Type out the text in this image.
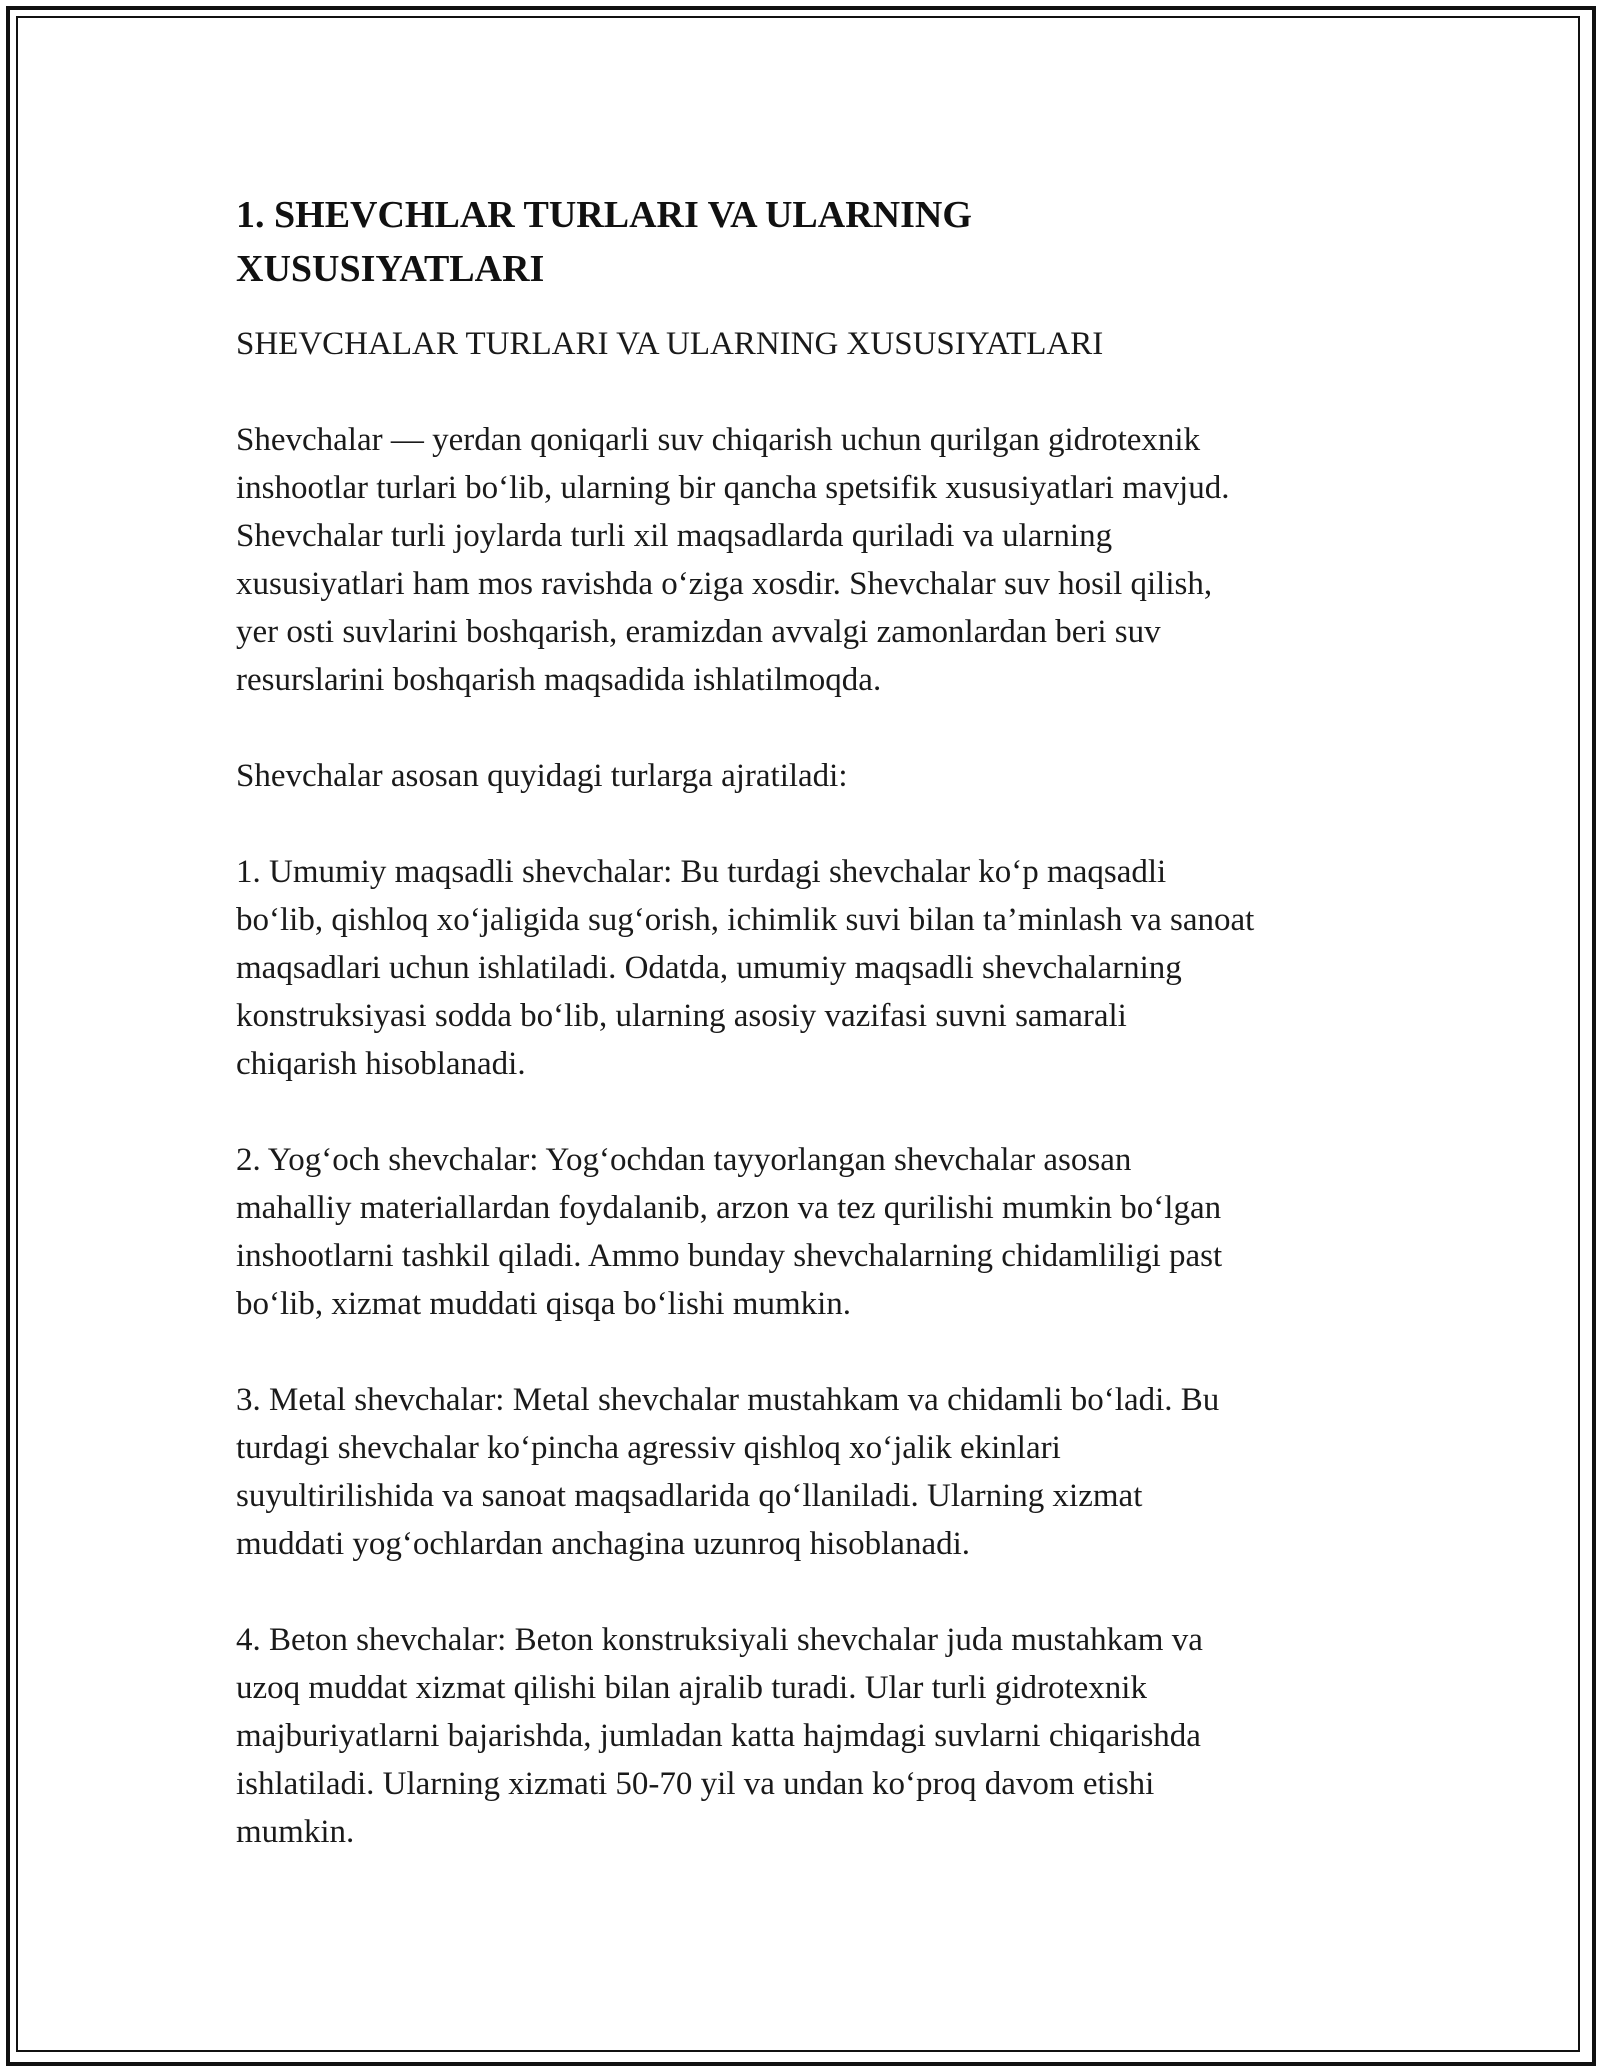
1. SHEVCHLAR TURLARI VA ULARNING
XUSUSIYATLARI

SHEVCHALAR TURLARI VA ULARNING XUSUSIYATLARI

Shevchalar — yerdan qoniqarli suv chiqarish uchun qurilgan gidrotexnik
inshootlar turlari bo‘lib, ularning bir qancha spetsifik xususiyatlari mavjud.
Shevchalar turli joylarda turli xil maqsadlarda quriladi va ularning
xususiyatlari ham mos ravishda o‘ziga xosdir. Shevchalar suv hosil qilish,
yer osti suvlarini boshqarish, eramizdan avvalgi zamonlardan beri suv
resurslarini boshqarish maqsadida ishlatilmoqda.

Shevchalar asosan quyidagi turlarga ajratiladi:

1. Umumiy maqsadli shevchalar: Bu turdagi shevchalar ko‘p maqsadli
bo‘lib, qishloq xo‘jaligida sug‘orish, ichimlik suvi bilan ta’minlash va sanoat
maqsadlari uchun ishlatiladi. Odatda, umumiy maqsadli shevchalarning
konstruksiyasi sodda bo‘lib, ularning asosiy vazifasi suvni samarali
chiqarish hisoblanadi.

2. Yog‘och shevchalar: Yog‘ochdan tayyorlangan shevchalar asosan
mahalliy materiallardan foydalanib, arzon va tez qurilishi mumkin bo‘lgan
inshootlarni tashkil qiladi. Ammo bunday shevchalarning chidamliligi past
bo‘lib, xizmat muddati qisqa bo‘lishi mumkin.

3. Metal shevchalar: Metal shevchalar mustahkam va chidamli bo‘ladi. Bu
turdagi shevchalar ko‘pincha agressiv qishloq xo‘jalik ekinlari
suyultirilishida va sanoat maqsadlarida qo‘llaniladi. Ularning xizmat
muddati yog‘ochlardan anchagina uzunroq hisoblanadi.

4. Beton shevchalar: Beton konstruksiyali shevchalar juda mustahkam va
uzoq muddat xizmat qilishi bilan ajralib turadi. Ular turli gidrotexnik
majburiyatlarni bajarishda, jumladan katta hajmdagi suvlarni chiqarishda
ishlatiladi. Ularning xizmati 50-70 yil va undan ko‘proq davom etishi
mumkin.
